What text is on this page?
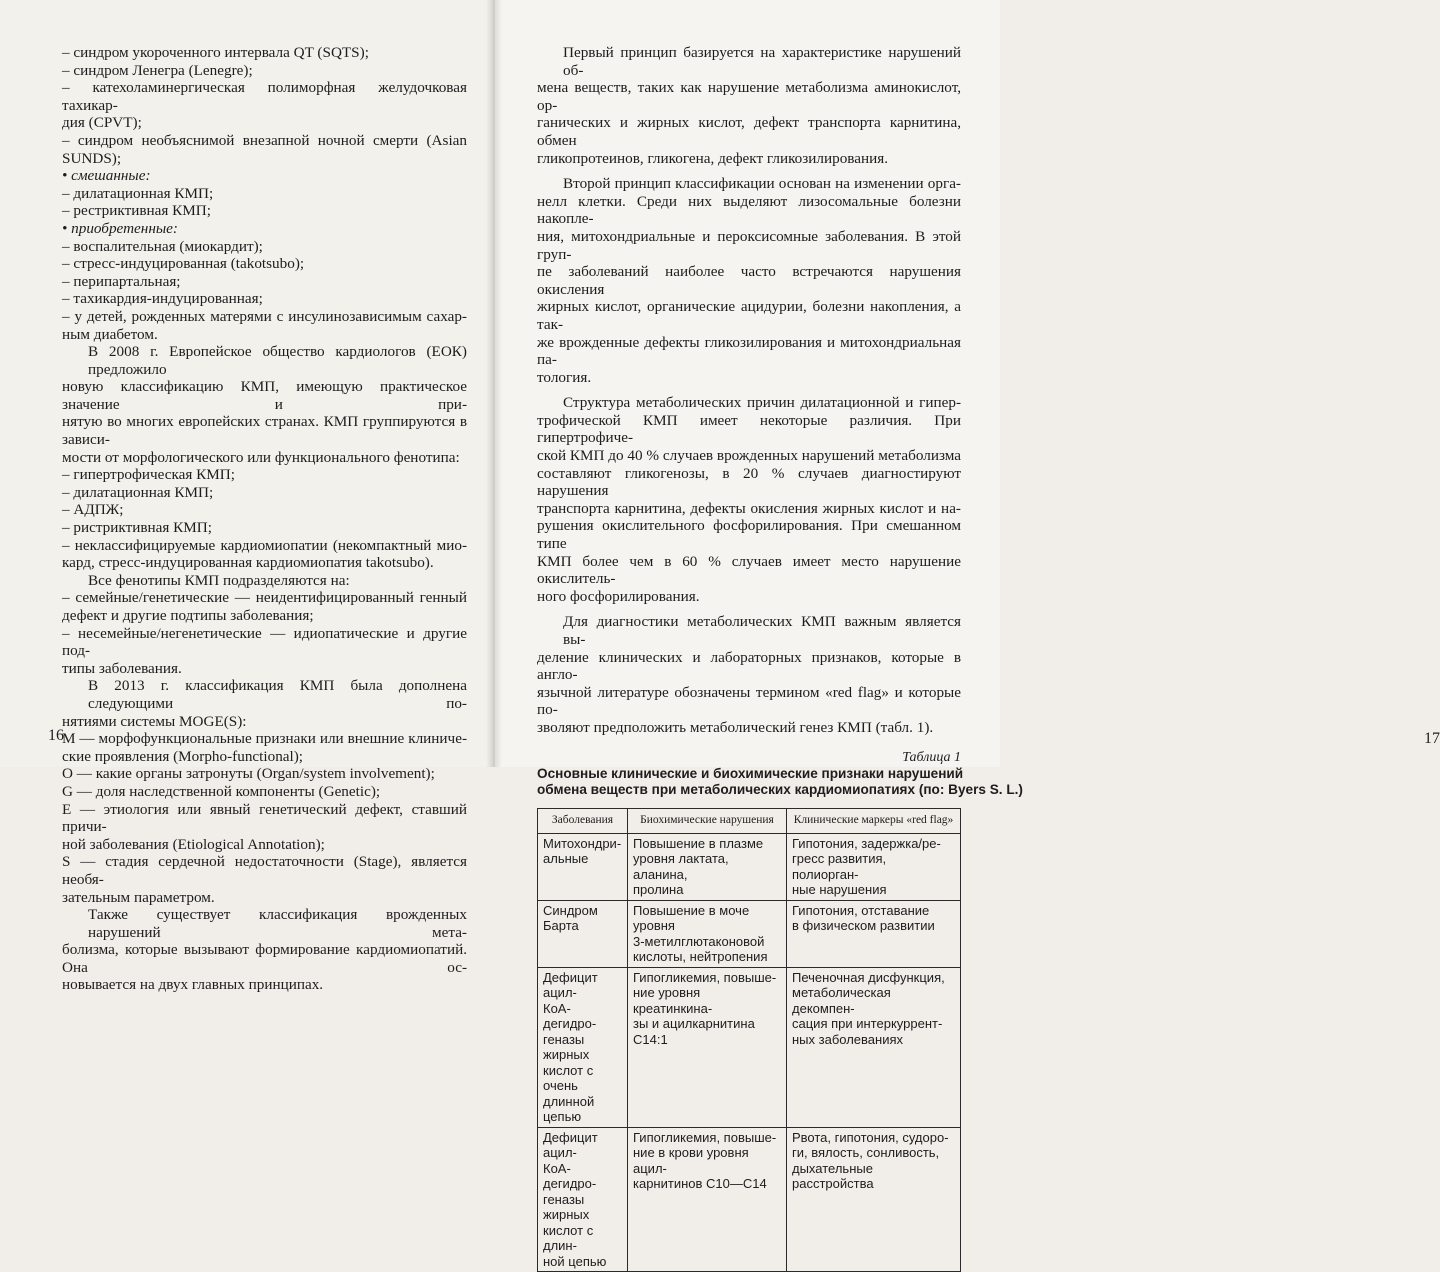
– синдром укороченного интервала QT (SQTS);
– синдром Ленегра (Lenegre);
– катехоламинергическая полиморфная желудочковая тахикар-
дия (CPVT);
– синдром необъяснимой внезапной ночной смерти (Asian
SUNDS);
• смешанные:
– дилатационная КМП;
– рестриктивная КМП;
• приобретенные:
– воспалительная (миокардит);
– стресс-индуцированная (takotsubo);
– перипартальная;
– тахикардия-индуцированная;
– у детей, рожденных матерями с инсулинозависимым сахар-
ным диабетом.
В 2008 г. Европейское общество кардиологов (ЕОК) предложило
новую классификацию КМП, имеющую практическое значение и при-
нятую во многих европейских странах. КМП группируются в зависи-
мости от морфологического или функционального фенотипа:
– гипертрофическая КМП;
– дилатационная КМП;
– АДПЖ;
– ристриктивная КМП;
– неклассифицируемые кардиомиопатии (некомпактный мио-
кард, стресс-индуцированная кардиомиопатия takotsubo).
Все фенотипы КМП подразделяются на:
– семейные/генетические — неидентифицированный генный
дефект и другие подтипы заболевания;
– несемейные/негенетические — идиопатические и другие под-
типы заболевания.
В 2013 г. классификация КМП была дополнена следующими по-
нятиями системы MOGE(S):
М — морфофункциональные признаки или внешние клиниче-
ские проявления (Morpho-functional);
О — какие органы затронуты (Organ/system involvement);
G — доля наследственной компоненты (Genetic);
Е — этиология или явный генетический дефект, ставший причи-
ной заболевания (Etiological Annotation);
S — стадия сердечной недостаточности (Stage), является необя-
зательным параметром.
Также существует классификация врожденных нарушений мета-
болизма, которые вызывают формирование кардиомиопатий. Она ос-
новывается на двух главных принципах.
16	17
Первый принцип базируется на характеристике нарушений об-
мена веществ, таких как нарушение метаболизма аминокислот, ор-
ганических и жирных кислот, дефект транспорта карнитина, обмен
гликопротеинов, гликогена, дефект гликозилирования.
Второй принцип классификации основан на изменении орга-
нелл клетки. Среди них выделяют лизосомальные болезни накопле-
ния, митохондриальные и пероксисомные заболевания. В этой груп-
пе заболеваний наиболее часто встречаются нарушения окисления
жирных кислот, органические ацидурии, болезни накопления, а так-
же врожденные дефекты гликозилирования и митохондриальная па-
тология.
Структура метаболических причин дилатационной и гипер-
трофической КМП имеет некоторые различия. При гипертрофиче-
ской КМП до 40 % случаев врожденных нарушений метаболизма
составляют гликогенозы, в 20 % случаев диагностируют нарушения
транспорта карнитина, дефекты окисления жирных кислот и на-
рушения окислительного фосфорилирования. При смешанном типе
КМП более чем в 60 % случаев имеет место нарушение окислитель-
ного фосфорилирования.
Для диагностики метаболических КМП важным является вы-
деление клинических и лабораторных признаков, которые в англо-
язычной литературе обозначены термином «red flag» и которые по-
зволяют предположить метаболический генез КМП (табл. 1).
Таблица 1
Основные клинические и биохимические признаки нарушений
обмена веществ при метаболических кардиомиопатиях (по: Byers S. L.)
Заболевания	Биохимические нарушения	Клинические маркеры «red flag»
Митохондри-
альные	Повышение в плазме
уровня лактата, аланина,
пролина	Гипотония, задержка/ре-
гресс развития, полиорган-
ные нарушения
Синдром Барта	Повышение в моче уровня
3-метилглютаконовой
кислоты, нейтропения	Гипотония, отставание
в физическом развитии
Дефицит ацил-
КоА-дегидро-
геназы жирных
кислот с очень
длинной цепью	Гипогликемия, повыше-
ние уровня креатинкина-
зы и ацилкарнитина С14:1	Печеночная дисфункция,
метаболическая декомпен-
сация при интеркуррент-
ных заболеваниях
Дефицит ацил-
КоА-дегидро-
геназы жирных
кислот с длин-
ной цепью	Гипогликемия, повыше-
ние в крови уровня ацил-
карнитинов С10—С14	Рвота, гипотония, судоро-
ги, вялость, сонливость,
дыхательные расстройства
